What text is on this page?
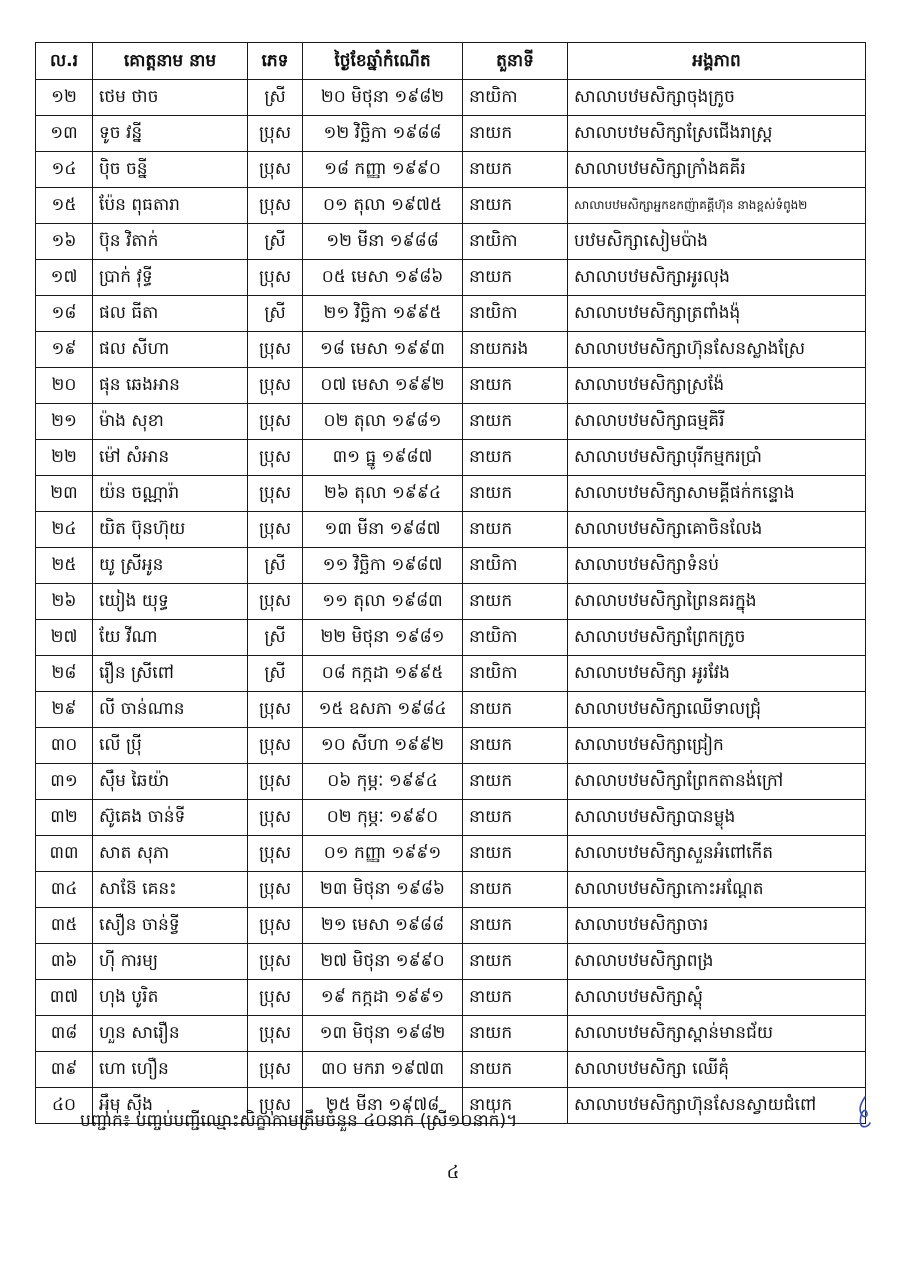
ល.រ	គោត្តនាម នាម	ភេទ	ថ្ងៃខែឆ្នាំកំណើត	តួនាទី	អង្គភាព
១២	ថេម ថាច	ស្រី	២០ មិថុនា ១៩៨២	នាយិកា	សាលាបឋមសិក្សាចុងក្រូច
១៣	ទូច វន្នី	ប្រុស	១២ វិច្ឆិកា ១៩៨៨	នាយក	សាលាបឋមសិក្សាស្រែជើងរាស្ត្រ
១៤	ប៉ិច ចន្នី	ប្រុស	១៨ កញ្ញា ១៩៩០	នាយក	សាលាបឋមសិក្សាក្រាំងគគីរ
១៥	ប៉ែន ពុធតារា	ប្រុស	០១ តុលា ១៩៧៥	នាយក	សាលាបឋមសិក្សាអ្នកឧកញ៉ាគគ្គីហ៊ុន នាងខ្ពស់ទំពូង២
១៦	ប៊ុន វិតាក់	ស្រី	១២ មីនា ១៩៨៨	នាយិកា	បឋមសិក្សាសៀមប៉ាង
១៧	ប្រាក់ វុទ្ធី	ប្រុស	០៥ មេសា ១៩៨៦	នាយក	សាលាបឋមសិក្សាអូរលុង
១៨	ផល ធីតា	ស្រី	២១ វិច្ឆិកា ១៩៩៥	នាយិកា	សាលាបឋមសិក្សាត្រពាំងង៉ុ
១៩	ផល សីហា	ប្រុស	១៨ មេសា ១៩៩៣	នាយករង	សាលាបឋមសិក្សាហ៊ុនសែនស្លាងស្រែ
២០	ផុន ឆេងអាន	ប្រុស	០៧ មេសា ១៩៩២	នាយក	សាលាបឋមសិក្សាស្រង៉ែ
២១	ម៉ាង សុខា	ប្រុស	០២ តុលា ១៩៨១	នាយក	សាលាបឋមសិក្សាធម្មគិរី
២២	ម៉ៅ សំអាន	ប្រុស	៣១ ធ្នូ ១៩៨៧	នាយក	សាលាបឋមសិក្សាបុរីកម្មករប្រាំ
២៣	យ៉ន ចណ្ណារ៉ា	ប្រុស	២៦ តុលា ១៩៩៤	នាយក	សាលាបឋមសិក្សាសាមគ្គីផក់កន្ទោង
២៤	យិត ប៊ុនហ៊ុយ	ប្រុស	១៣ មីនា ១៩៨៧	នាយក	សាលាបឋមសិក្សាគោចិនលែង
២៥	យូ ស្រីអូន	ស្រី	១១ វិច្ឆិកា ១៩៨៧	នាយិកា	សាលាបឋមសិក្សាទំនប់
២៦	យៀង យុទ្ធ	ប្រុស	១១ តុលា ១៩៨៣	នាយក	សាលាបឋមសិក្សាព្រៃនគរក្នុង
២៧	យែ វីណា	ស្រី	២២ មិថុនា ១៩៨១	នាយិកា	សាលាបឋមសិក្សាព្រែកក្រូច
២៨	រឿន ស្រីពៅ	ស្រី	០៨ កក្កដា ១៩៩៥	នាយិកា	សាលាបឋមសិក្សា អូរវែង
២៩	លី ចាន់ណាន	ប្រុស	១៥ ឧសភា ១៩៨៤	នាយក	សាលាបឋមសិក្សាឈើទាលជ្រុំ
៣០	លើ ប្រុី	ប្រុស	១០ សីហា ១៩៩២	នាយក	សាលាបឋមសិក្សាជ្រៀក
៣១	ស៊ឹម ឆៃយ៉ា	ប្រុស	០៦ កុម្ភៈ ១៩៩៤	នាយក	សាលាបឋមសិក្សាព្រែកតានង់ក្រៅ
៣២	ស៊ូគេង ចាន់ទី	ប្រុស	០២ កុម្ភៈ ១៩៩០	នាយក	សាលាបឋមសិក្សាបានម្លុង
៣៣	សាត សុភា	ប្រុស	០១ កញ្ញា ១៩៩១	នាយក	សាលាបឋមសិក្សាសួនអំពៅកើត
៣៤	សាន៊ែ គេនះ	ប្រុស	២៣ មិថុនា ១៩៨៦	នាយក	សាលាបឋមសិក្សាកោះអណ្ដែត
៣៥	សឿន ចាន់ទ្វី	ប្រុស	២១ មេសា ១៩៨៨	នាយក	សាលាបឋមសិក្សាចារ
៣៦	ហ៊ី ការម្យ	ប្រុស	២៧ មិថុនា ១៩៩០	នាយក	សាលាបឋមសិក្សាពង្រ
៣៧	ហុង បូរិត	ប្រុស	១៩ កក្កដា ១៩៩១	នាយក	សាលាបឋមសិក្សាស្ពុំ
៣៨	ហួន សារឿន	ប្រុស	១៣ មិថុនា ១៩៨២	នាយក	សាលាបឋមសិក្សាស្ពាន់មានជ័យ
៣៩	ហោ ហឿន	ប្រុស	៣០ មករា ១៩៧៣	នាយក	សាលាបឋមសិក្សា ឈើគុំ
៤០	អុឹម ស៊ីង	ប្រុស	២៥ មីនា ១៩៧៨	នាយក	សាលាបឋមសិក្សាហ៊ុនសែនស្វាយជំពៅ
បញ្ជាក់៖ បញ្ចប់បញ្ជីឈ្មោះសិក្ខាកាមត្រឹមចំនួន ៤០នាក់ (ស្រី១០នាក់)។
៤
